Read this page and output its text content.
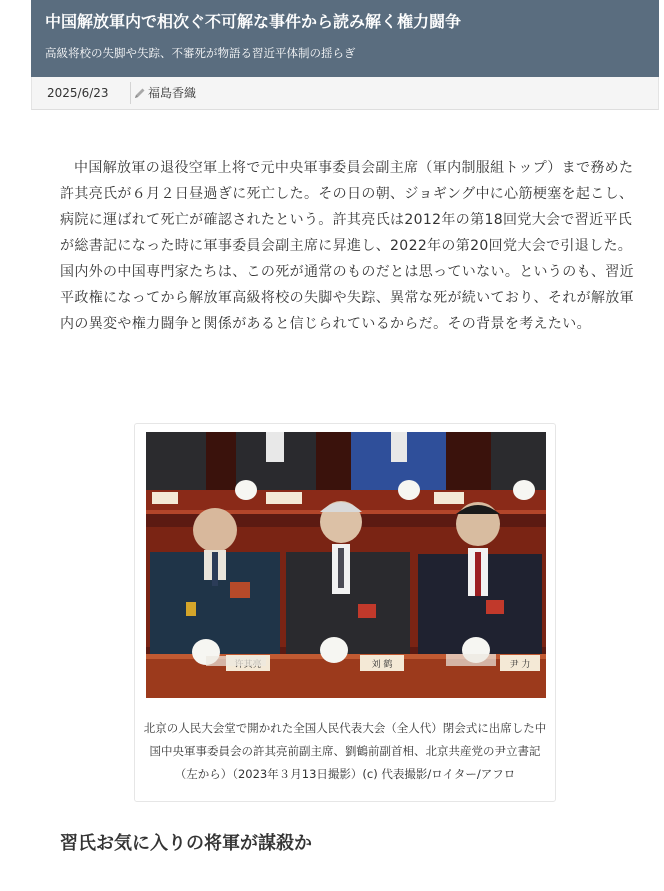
中国解放軍内で相次ぐ不可解な事件から読み解く権力闘争
高級将校の失脚や失踪、不審死が物語る習近平体制の揺らぎ
2025/6/23	福島香織

中国解放軍の退役空軍上将で元中央軍事委員会副主席（軍内制服組トップ）まで務めた許其亮氏が６月２日昼過ぎに死亡した。その日の朝、ジョギング中に心筋梗塞を起こし、病院に運ばれて死亡が確認されたという。許其亮氏は2012年の第18回党大会で習近平氏が総書記になった時に軍事委員会副主席に昇進し、2022年の第20回党大会で引退した。国内外の中国専門家たちは、この死が通常のものだとは思っていない。というのも、習近平政権になってから解放軍高級将校の失脚や失踪、異常な死が続いており、それが解放軍内の異変や権力闘争と関係があると信じられているからだ。その背景を考えたい。

刘 鹤	尹 力

北京の人民大会堂で開かれた全国人民代表大会（全人代）閉会式に出席した中国中央軍事委員会の許其亮前副主席、劉鶴前副首相、北京共産党の尹立書記（左から）（2023年３月13日撮影）(c) 代表撮影/ロイター/アフロ

習氏お気に入りの将軍が謀殺か
